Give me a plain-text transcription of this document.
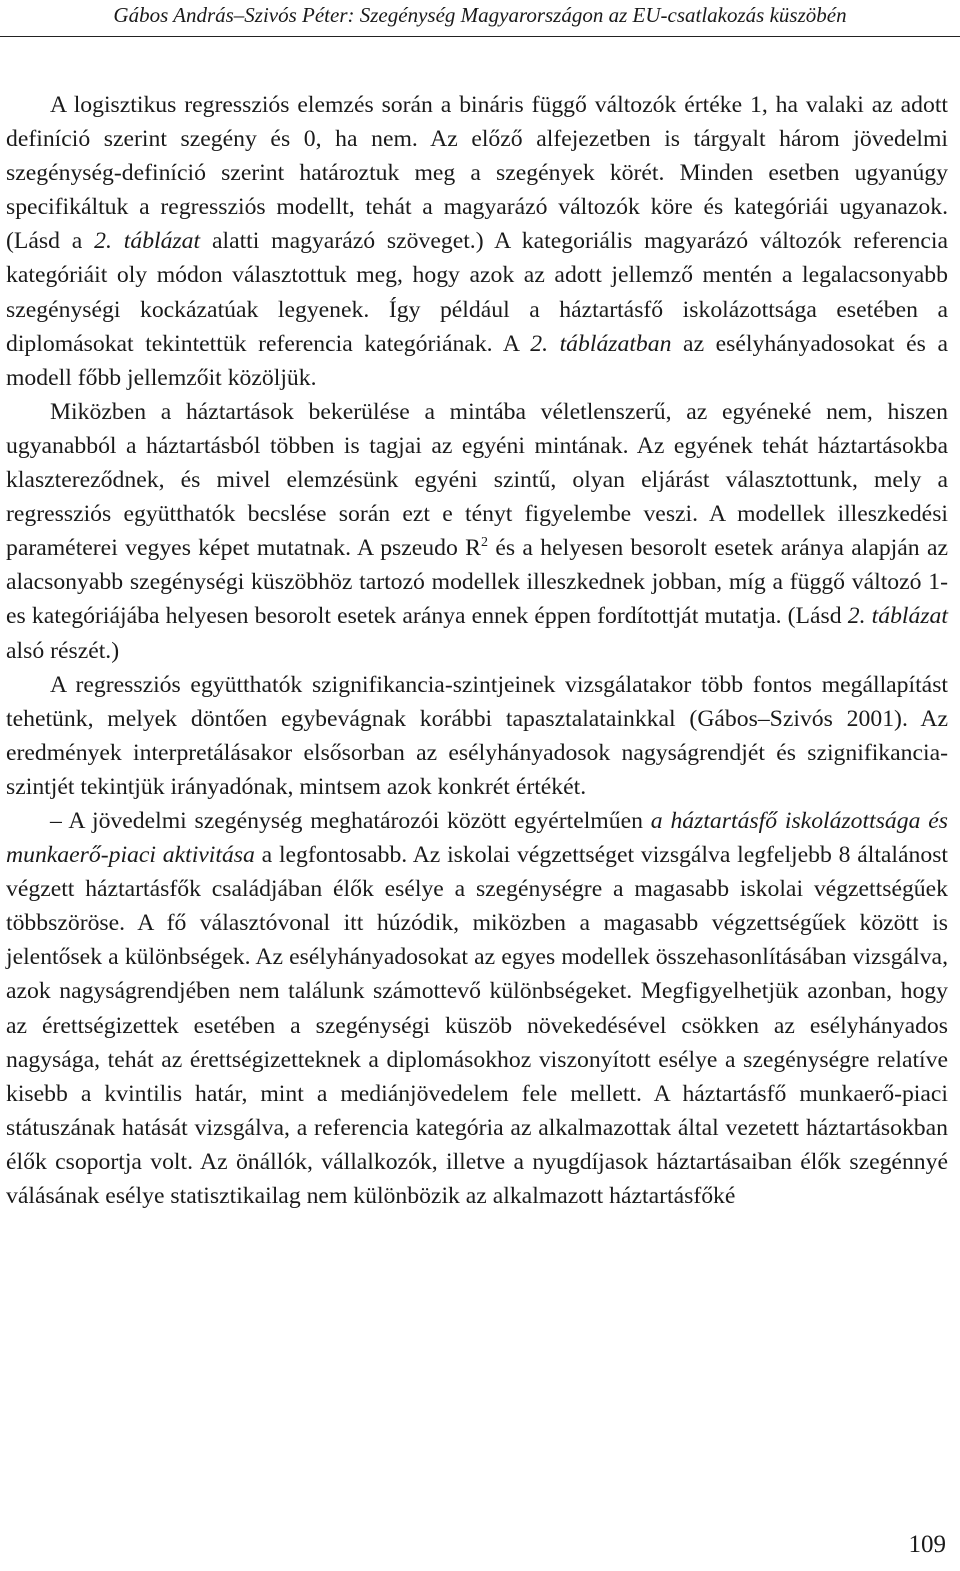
Gábos András–Szivós Péter: Szegénység Magyarországon az EU-csatlakozás küszöbén

A logisztikus regressziós elemzés során a bináris függő változók értéke 1, ha valaki az adott definíció szerint szegény és 0, ha nem. Az előző alfejezetben is tárgyalt három jövedelmi szegénység-definíció szerint határoztuk meg a szegények körét. Minden esetben ugyanúgy specifikáltuk a regressziós modellt, tehát a magyarázó változók köre és kategóriái ugyanazok. (Lásd a 2. táblázat alatti magyarázó szöveget.) A kategoriális magyarázó változók referencia kategóriáit oly módon választottuk meg, hogy azok az adott jellemző mentén a legalacsonyabb szegénységi kockázatúak legyenek. Így például a háztartásfő iskolázottsága esetében a diplomásokat tekintettük referencia kategóriának. A 2. táblázatban az esélyhányadosokat és a modell főbb jellemzőit közöljük.

Miközben a háztartások bekerülése a mintába véletlenszerű, az egyéneké nem, hiszen ugyanabból a háztartásból többen is tagjai az egyéni mintának. Az egyének tehát háztartásokba klasztereződnek, és mivel elemzésünk egyéni szintű, olyan eljárást választottunk, mely a regressziós együtthatók becslése során ezt e tényt figyelembe veszi. A modellek illeszkedési paraméterei vegyes képet mutatnak. A pszeudo $R^2$ és a helyesen besorolt esetek aránya alapján az alacsonyabb szegénységi küszöbhöz tartozó modellek illeszkednek jobban, míg a függő változó 1-es kategóriájába helyesen besorolt esetek aránya ennek éppen fordítottját mutatja. (Lásd 2. táblázat alsó részét.)

A regressziós együtthatók szignifikancia-szintjeinek vizsgálatakor több fontos megállapítást tehetünk, melyek döntően egybevágnak korábbi tapasztalatainkkal (Gábos–Szivós 2001). Az eredmények interpretálásakor elsősorban az esélyhányadosok nagyságrendjét és szignifikancia-szintjét tekintjük irányadónak, mintsem azok konkrét értékét.

– A jövedelmi szegénység meghatározói között egyértelműen a háztartásfő iskolázottsága és munkaerő-piaci aktivitása a legfontosabb. Az iskolai végzettséget vizsgálva legfeljebb 8 általánost végzett háztartásfők családjában élők esélye a szegénységre a magasabb iskolai végzettségűek többszöröse. A fő választóvonal itt húzódik, miközben a magasabb végzettségűek között is jelentősek a különbségek. Az esélyhányadosokat az egyes modellek összehasonlításában vizsgálva, azok nagyságrendjében nem találunk számottevő különbségeket. Megfigyelhetjük azonban, hogy az érettségizettek esetében a szegénységi küszöb növekedésével csökken az esélyhányados nagysága, tehát az érettségizetteknek a diplomásokhoz viszonyított esélye a szegénységre relatíve kisebb a kvintilis határ, mint a mediánjövedelem fele mellett. A háztartásfő munkaerő-piaci státuszának hatását vizsgálva, a referencia kategória az alkalmazottak által vezetett háztartásokban élők csoportja volt. Az önállók, vállalkozók, illetve a nyugdíjasok háztartásaiban élők szegénnyé válásának esélye statisztikailag nem különbözik az alkalmazott háztartásfőké

109
